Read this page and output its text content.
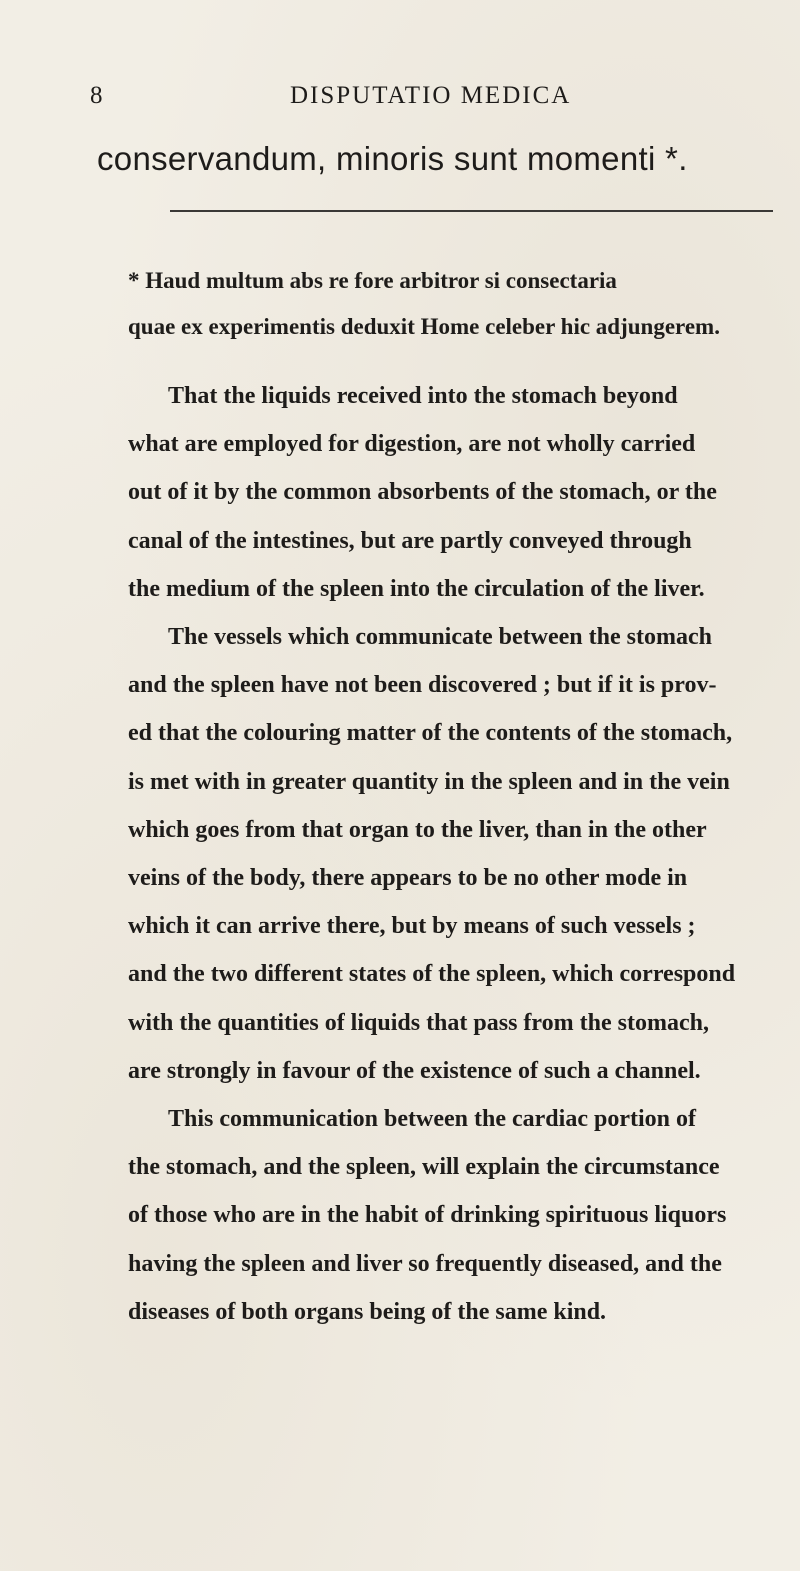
8	DISPUTATIO MEDICA
conservandum, minoris sunt momenti *.
* Haud multum abs re fore arbitror si consectaria
quae ex experimentis deduxit Home celeber hic adjungerem.
That the liquids received into the stomach beyond
what are employed for digestion, are not wholly carried
out of it by the common absorbents of the stomach, or the
canal of the intestines, but are partly conveyed through
the medium of the spleen into the circulation of the liver.
The vessels which communicate between the stomach
and the spleen have not been discovered ; but if it is prov-
ed that the colouring matter of the contents of the stomach,
is met with in greater quantity in the spleen and in the vein
which goes from that organ to the liver, than in the other
veins of the body, there appears to be no other mode in
which it can arrive there, but by means of such vessels ;
and the two different states of the spleen, which correspond
with the quantities of liquids that pass from the stomach,
are strongly in favour of the existence of such a channel.
This communication between the cardiac portion of
the stomach, and the spleen, will explain the circumstance
of those who are in the habit of drinking spirituous liquors
having the spleen and liver so frequently diseased, and the
diseases of both organs being of the same kind.
